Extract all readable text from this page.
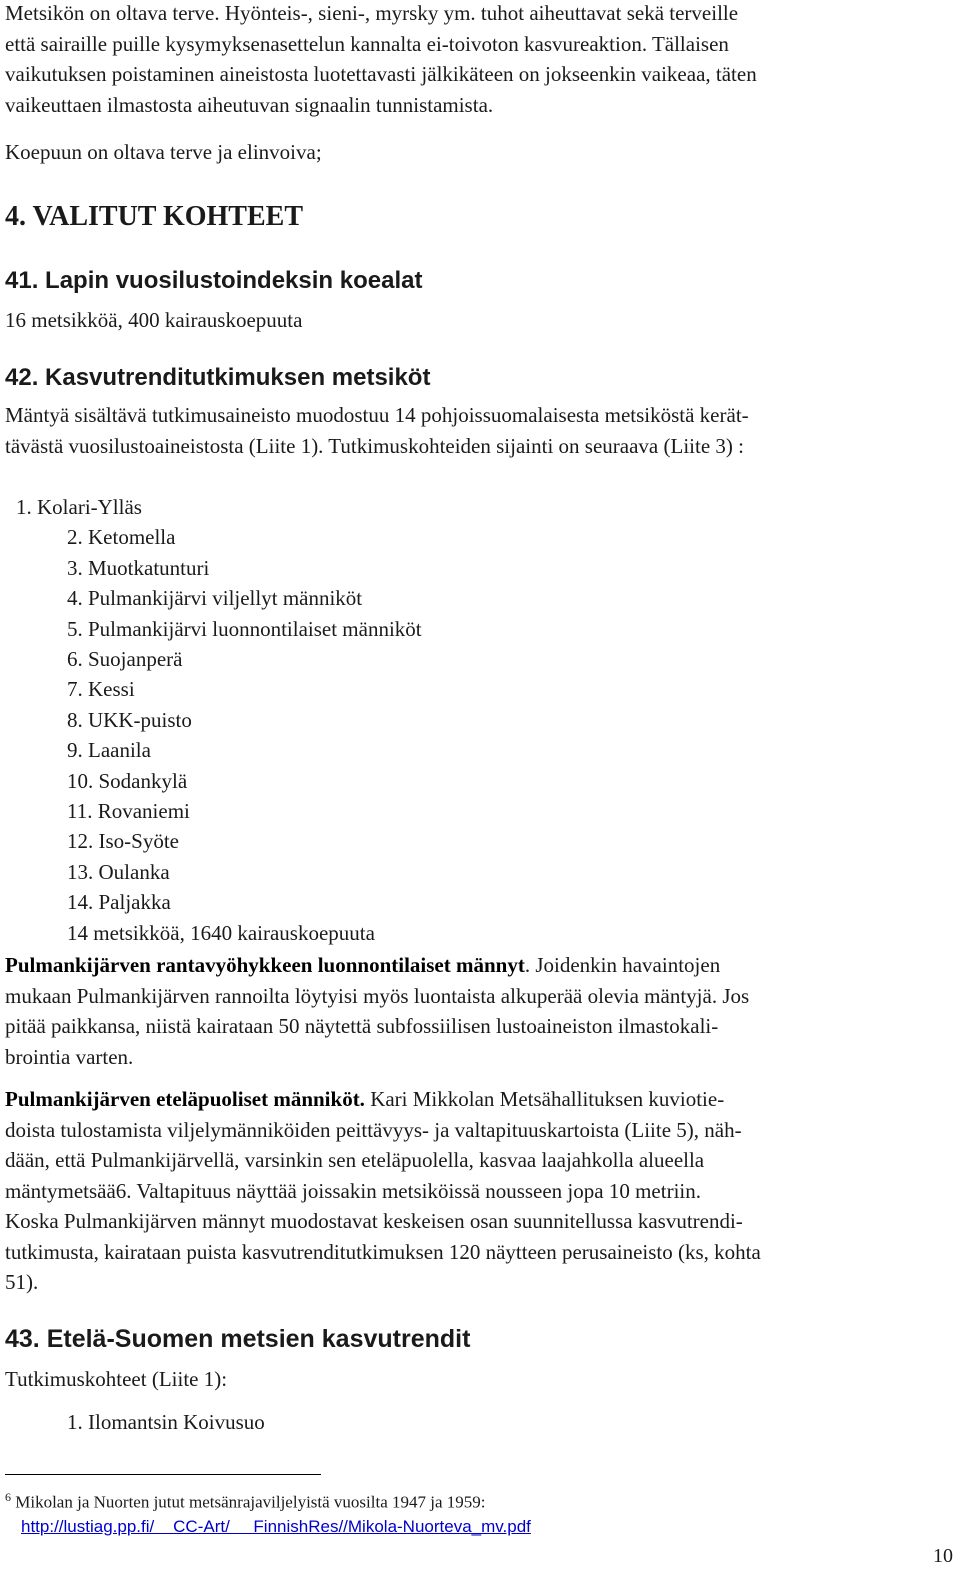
Metsikön on oltava terve. Hyönteis-, sieni-, myrsky ym. tuhot aiheuttavat sekä terveille
että sairaille puille kysymyksenasettelun kannalta ei-toivoton kasvureaktion. Tällaisen
vaikutuksen poistaminen aineistosta luotettavasti jälkikäteen on jokseenkin vaikeaa, täten
vaikeuttaen ilmastosta aiheutuvan signaalin tunnistamista.
Koepuun on oltava terve ja elinvoiva;
4. VALITUT KOHTEET
41. Lapin vuosilustoindeksin koealat
16 metsikköä, 400 kairauskoepuuta
42. Kasvutrenditutkimuksen metsiköt
Mäntyä sisältävä tutkimusaineisto muodostuu 14 pohjoissuomalaisesta metsiköstä kerät-
tävästä vuosilustoaineistosta (Liite 1). Tutkimuskohteiden sijainti on seuraava (Liite 3) :
1. Kolari-Ylläs
2. Ketomella
3. Muotkatunturi
4. Pulmankijärvi viljellyt männiköt
5. Pulmankijärvi luonnontilaiset männiköt
6. Suojanperä
7. Kessi
8. UKK-puisto
9. Laanila
10. Sodankylä
11. Rovaniemi
12. Iso-Syöte
13. Oulanka
14. Paljakka
14 metsikköä, 1640 kairauskoepuuta
Pulmankijärven rantavyöhykkeen luonnontilaiset männyt. Joidenkin havaintojen
mukaan Pulmankijärven rannoilta löytyisi myös luontaista alkuperää olevia mäntyjä. Jos
pitää paikkansa, niistä kairataan 50 näytettä subfossiilisen lustoaineiston ilmastokali-
brointia varten.
Pulmankijärven eteläpuoliset männiköt. Kari Mikkolan Metsähallituksen kuviotie-
doista tulostamista viljelymänniköiden peittävyys- ja valtapituuskartoista (Liite 5), näh-
dään, että Pulmankijärvellä, varsinkin sen eteläpuolella, kasvaa laajahkolla alueella
mäntymetsää6. Valtapituus näyttää joissakin metsiköissä nousseen jopa 10 metriin.
Koska Pulmankijärven männyt muodostavat keskeisen osan suunnitellussa kasvutrendi-
tutkimusta, kairataan puista kasvutrenditutkimuksen 120 näytteen perusaineisto (ks, kohta
51).
43. Etelä-Suomen metsien kasvutrendit
Tutkimuskohteet (Liite 1):
1. Ilomantsin Koivusuo
$^6$ Mikolan ja Nuorten jutut metsänrajaviljelyistä vuosilta 1947 ja 1959:
http://lustiag.pp.fi/    CC-Art/     FinnishRes//Mikola-Nuorteva_mv.pdf
10
